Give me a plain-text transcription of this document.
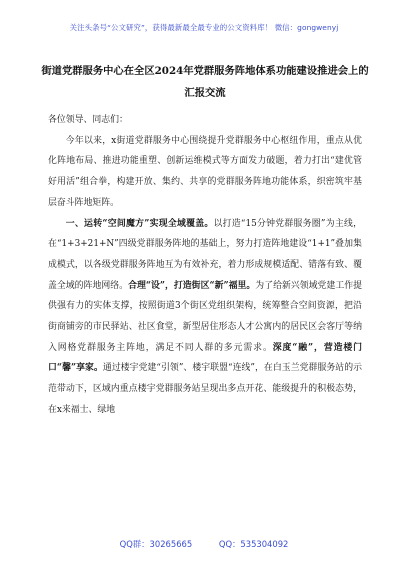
关注头条号“公文研究”，获得最新最全最专业的公文资料库！ 微信：gongwenyj
街道党群服务中心在全区2024年党群服务阵地体系功能建设推进会上的汇报交流

各位领导、同志们：

今年以来，x街道党群服务中心围绕提升党群服务中心枢纽作用，重点从优化阵地布局、推进功能重塑、创新运维模式等方面发力破题，着力打出“建优管好用活”组合拳，构建开放、集约、共享的党群服务阵地功能体系，织密筑牢基层奋斗阵地矩阵。

一、运转“空间魔方”实现全域覆盖。以打造“15分钟党群服务圈”为主线，在“1+3+21+N”四级党群服务阵地的基础上，努力打造阵地建设“1+1”叠加集成模式，以各级党群服务阵地互为有效补充，着力形成规模适配、错落有致、覆盖全域的阵地网络。合理“设”，打造街区“新”福里。为了给新兴领域党建工作提供强有力的实体支撑，按照街道3个街区党组织架构，统筹整合空间资源，把沿街商铺旁的市民驿站、社区食堂，新型居住形态人才公寓内的居民区会客厅等纳入网格党群服务主阵地，满足不同人群的多元需求。深度“融”，营造楼门口“馨”享家。通过楼宇党建“引领”、楼宇联盟“连线”，在白玉兰党群服务站的示范带动下，区域内重点楼宇党群服务站呈现出多点开花、能级提升的积极态势，在x来福士、绿地

QQ群：30265665	QQ：535304092
